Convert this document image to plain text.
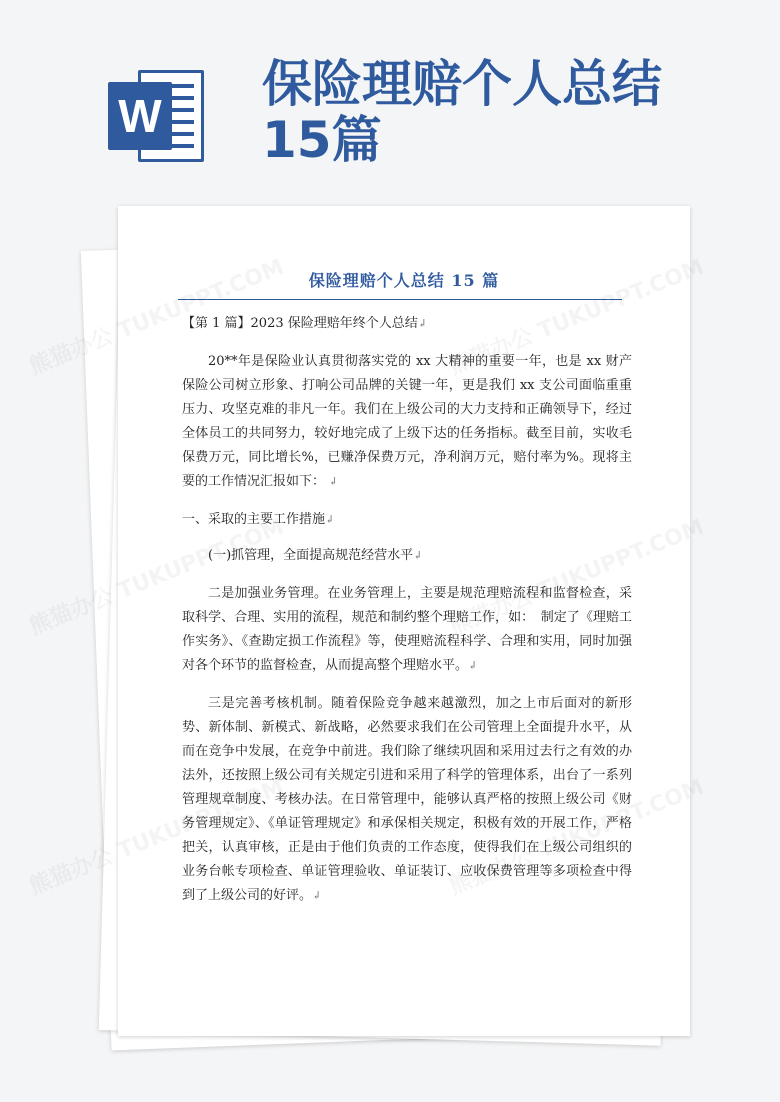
W
保险理赔个人总结15篇
保险理赔个人总结 15 篇

【第 1 篇】2023 保险理赔年终个人总结↲

20**年是保险业认真贯彻落实党的 xx 大精神的重要一年，也是 xx 财产保险公司树立形象、打响公司品牌的关键一年，更是我们 xx 支公司面临重重压力、攻坚克难的非凡一年。我们在上级公司的大力支持和正确领导下，经过全体员工的共同努力，较好地完成了上级下达的任务指标。截至目前，实收毛保费万元，同比增长%，已赚净保费万元，净利润万元，赔付率为%。现将主要的工作情况汇报如下： ↲

一、采取的主要工作措施↲

(一)抓管理，全面提高规范经营水平↲

二是加强业务管理。在业务管理上，主要是规范理赔流程和监督检查，采取科学、合理、实用的流程，规范和制约整个理赔工作，如：　制定了《理赔工作实务》、《查勘定损工作流程》等，使理赔流程科学、合理和实用，同时加强对各个环节的监督检查，从而提高整个理赔水平。↲

三是完善考核机制。随着保险竞争越来越激烈，加之上市后面对的新形势、新体制、新模式、新战略，必然要求我们在公司管理上全面提升水平，从而在竞争中发展，在竞争中前进。我们除了继续巩固和采用过去行之有效的办法外，还按照上级公司有关规定引进和采用了科学的管理体系，出台了一系列管理规章制度、考核办法。在日常管理中，能够认真严格的按照上级公司《财务管理规定》、《单证管理规定》和承保相关规定，积极有效的开展工作，严格把关，认真审核，正是由于他们负责的工作态度，使得我们在上级公司组织的业务台帐专项检查、单证管理验收、单证装订、应收保费管理等多项检查中得到了上级公司的好评。↲
